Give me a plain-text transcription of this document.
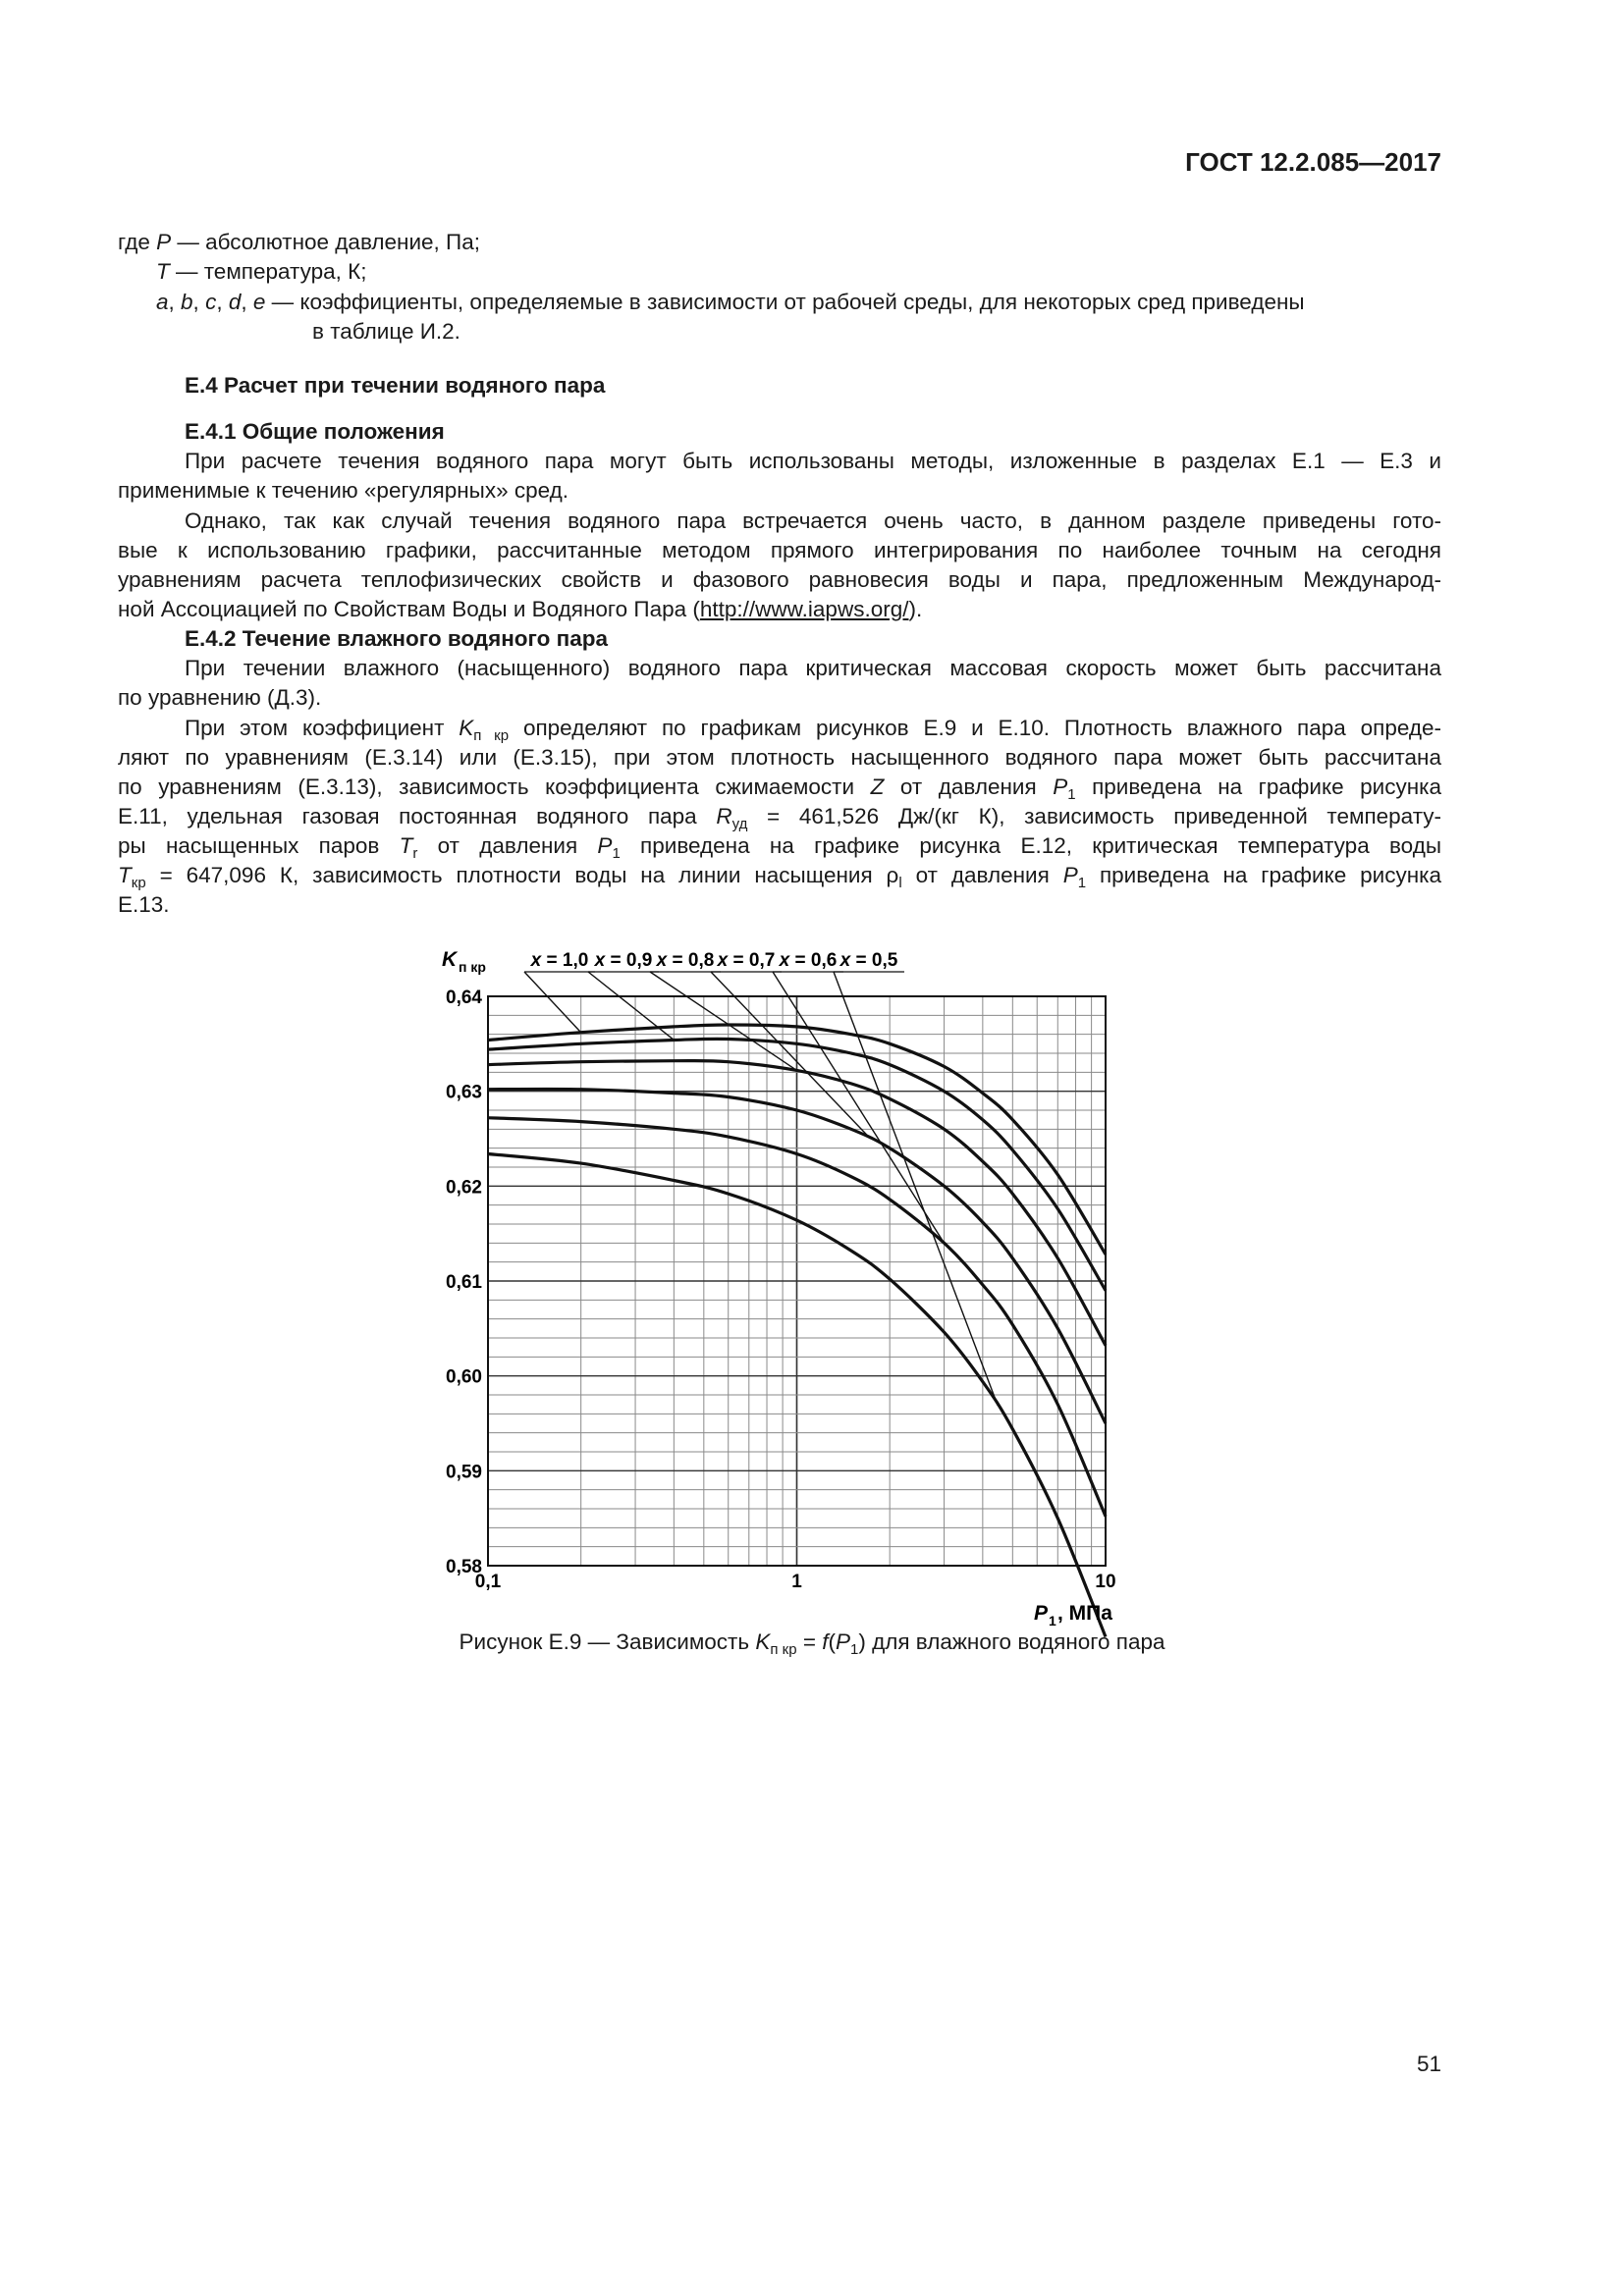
ГОСТ 12.2.085—2017
где P — абсолютное давление, Па;
T — температура, К;
a, b, c, d, e — коэффициенты, определяемые в зависимости от рабочей среды, для некоторых сред приведены
в таблице И.2.
Е.4 Расчет при течении водяного пара
Е.4.1 Общие положения
При расчете течения водяного пара могут быть использованы методы, изложенные в разделах Е.1 — Е.3 и
применимые к течению «регулярных» сред.
Однако, так как случай течения водяного пара встречается очень часто, в данном разделе приведены гото-
вые к использованию графики, рассчитанные методом прямого интегрирования по наиболее точным на сегодня
уравнениям расчета теплофизических свойств и фазового равновесия воды и пара, предложенным Международ-
ной Ассоциацией по Свойствам Воды и Водяного Пара (http://www.iapws.org/).
Е.4.2 Течение влажного водяного пара
При течении влажного (насыщенного) водяного пара критическая массовая скорость может быть рассчитана
по уравнению (Д.3).
При этом коэффициент $K_{п кр}$ определяют по графикам рисунков Е.9 и Е.10. Плотность влажного пара опреде-
ляют по уравнениям (Е.3.14) или (Е.3.15), при этом плотность насыщенного водяного пара может быть рассчитана
по уравнениям (Е.3.13), зависимость коэффициента сжимаемости Z от давления $P_1$ приведена на графике рисунка
Е.11, удельная газовая постоянная водяного пара $R_{уд} = 461,526$ Дж/(кг К), зависимость приведенной температу-
ры насыщенных паров $T_r$ от давления $P_1$ приведена на графике рисунка Е.12, критическая температура воды
$T_{кр} = 647,096$ К, зависимость плотности воды на линии насыщения $\rho_l$ от давления $P_1$ приведена на графике рисунка
Е.13.
x = 1,0 x = 0,9 x = 0,8 x = 0,7 x = 0,6 x = 0,5
0,64
0,63
0,62
0,61
0,60
0,59
0,58
0,1	1	10
K п кр
P 1 , МПа
Рисунок Е.9 — Зависимость $K_{п кр} = f(P_1)$ для влажного водяного пара
51
